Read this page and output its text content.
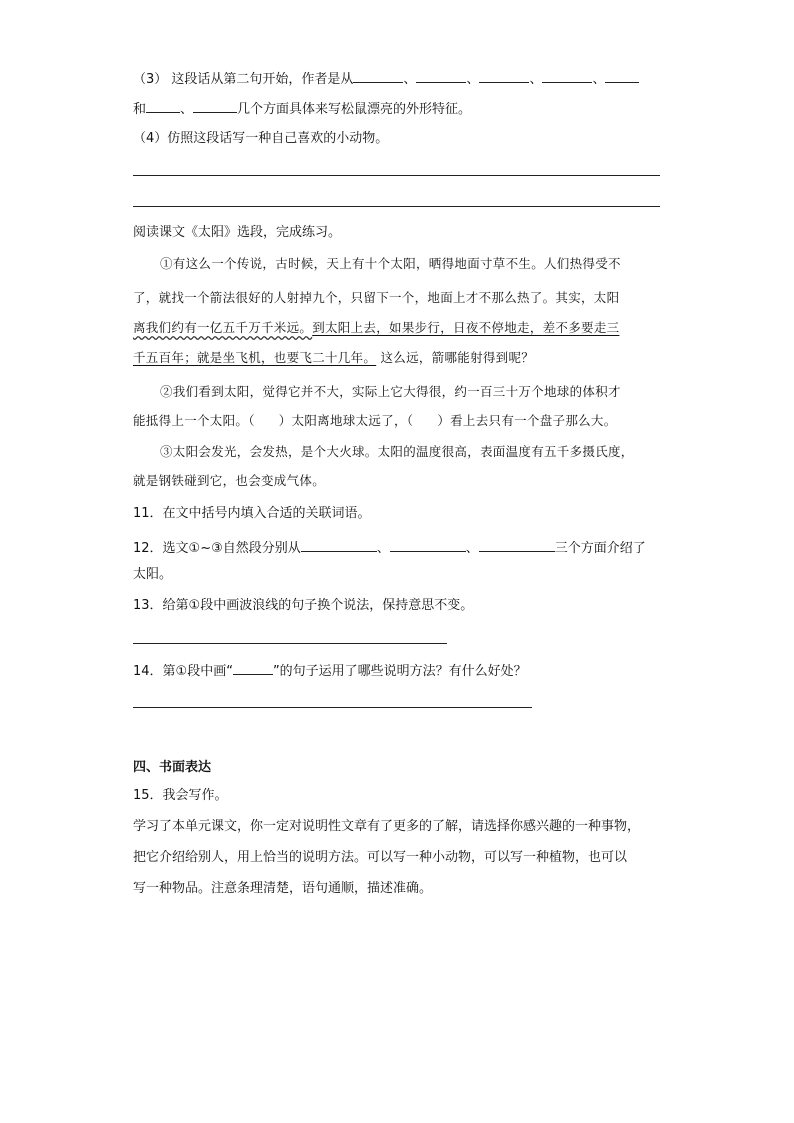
（3） 这段话从第二句开始，作者是从	、	、	、	、
和	、	几个方面具体来写松鼠漂亮的外形特征。
（4）仿照这段话写一种自己喜欢的小动物。
阅读课文《太阳》选段，完成练习。
①有这么一个传说，古时候，天上有十个太阳，晒得地面寸草不生。人们热得受不
了，就找一个箭法很好的人射掉九个，只留下一个，地面上才不那么热了。其实，太阳
离我们约有一亿五千万千米远。到太阳上去，如果步行，日夜不停地走，差不多要走三
千五百年；就是坐飞机，也要飞二十几年。 这么远，箭哪能射得到呢？
②我们看到太阳，觉得它并不大，实际上它大得很，约一百三十万个地球的体积才
能抵得上一个太阳。（ ）太阳离地球太远了，（ ）看上去只有一个盘子那么大。
③太阳会发光，会发热，是个大火球。太阳的温度很高，表面温度有五千多摄氏度，
就是钢铁碰到它，也会变成气体。
11．在文中括号内填入合适的关联词语。
12．选文①~③自然段分别从	、	、	三个方面介绍了
太阳。
13．给第①段中画波浪线的句子换个说法，保持意思不变。
14．第①段中画“	”的句子运用了哪些说明方法？有什么好处？
四、书面表达
15．我会写作。
学习了本单元课文，你一定对说明性文章有了更多的了解，请选择你感兴趣的一种事物，
把它介绍给别人，用上恰当的说明方法。可以写一种小动物，可以写一种植物，也可以
写一种物品。注意条理清楚，语句通顺，描述准确。
